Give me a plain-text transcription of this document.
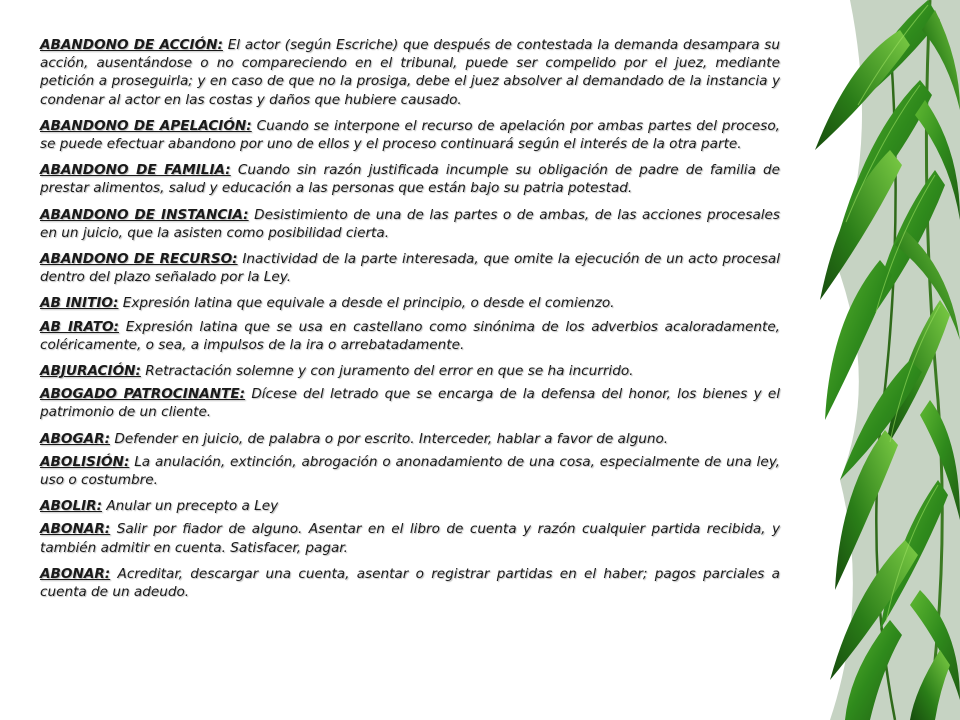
ABANDONO DE ACCIÓN: El actor (según Escriche) que después de contestada la demanda desampara su acción, ausentándose o no compareciendo en el tribunal, puede ser compelido por el juez, mediante petición a proseguirla; y en caso de que no la prosiga, debe el juez absolver al demandado de la instancia y condenar al actor en las costas y daños que hubiere causado.

ABANDONO DE APELACIÓN: Cuando se interpone el recurso de apelación por ambas partes del proceso, se puede efectuar abandono por uno de ellos y el proceso continuará según el interés de la otra parte.

ABANDONO DE FAMILIA: Cuando sin razón justificada incumple su obligación de padre de familia de prestar alimentos, salud y educación a las personas que están bajo su patria potestad.

ABANDONO DE INSTANCIA: Desistimiento de una de las partes o de ambas, de las acciones procesales en un juicio, que la asisten como posibilidad cierta.

ABANDONO DE RECURSO: Inactividad de la parte interesada, que omite la ejecución de un acto procesal dentro del plazo señalado por la Ley.

AB INITIO: Expresión latina que equivale a desde el principio, o desde el comienzo.

AB IRATO: Expresión latina que se usa en castellano como sinónima de los adverbios acaloradamente, coléricamente, o sea, a impulsos de la ira o arrebatadamente.

ABJURACIÓN: Retractación solemne y con juramento del error en que se ha incurrido.

ABOGADO PATROCINANTE: Dícese del letrado que se encarga de la defensa del honor, los bienes y el patrimonio de un cliente.

ABOGAR: Defender en juicio, de palabra o por escrito. Interceder, hablar a favor de alguno.

ABOLISIÓN: La anulación, extinción, abrogación o anonadamiento de una cosa, especialmente de una ley, uso o costumbre.

ABOLIR: Anular un precepto a Ley

ABONAR: Salir por fiador de alguno. Asentar en el libro de cuenta y razón cualquier partida recibida, y también admitir en cuenta. Satisfacer, pagar.

ABONAR: Acreditar, descargar una cuenta, asentar o registrar partidas en el haber; pagos parciales a cuenta de un adeudo.
